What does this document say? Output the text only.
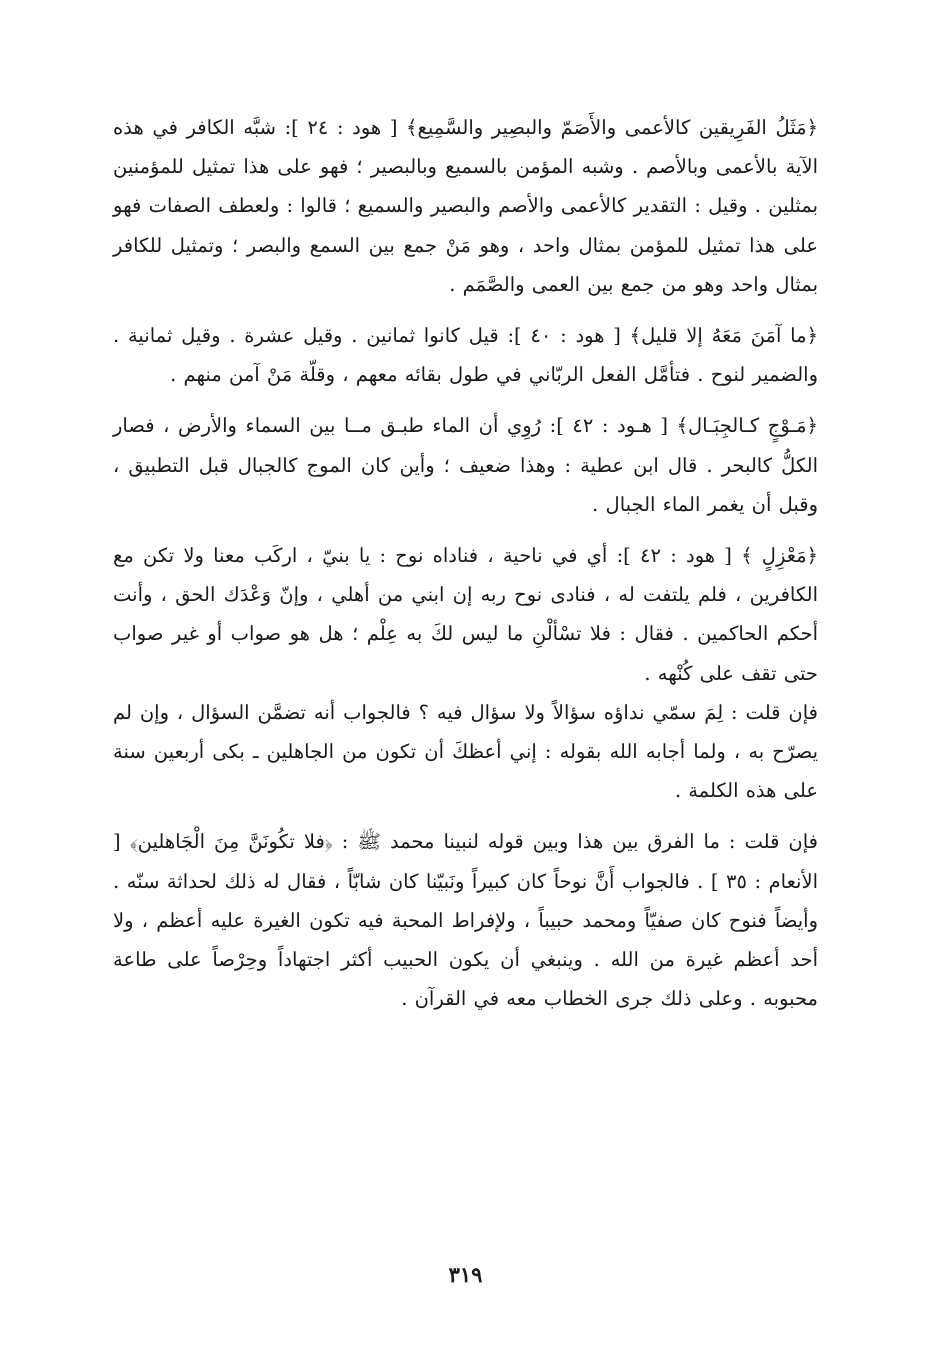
﴿مَثَلُ الفَرِيقين كالأعمى والأَصَمّ والبصِير والسَّمِيع﴾ [ هود : ٢٤ ]: شبَّه الكافر في هذه الآية بالأعمى وبالأصم . وشبه المؤمن بالسميع وبالبصير ؛ فهو على هذا تمثيل للمؤمنين بمثلين . وقيل : التقدير كالأعمى والأصم والبصير والسميع ؛ قالوا : ولعطف الصفات فهو على هذا تمثيل للمؤمن بمثال واحد ، وهو مَنْ جمع بين السمع والبصر ؛ وتمثيل للكافر بمثال واحد وهو من جمع بين العمى والصَّمَم .

﴿ما آمَنَ مَعَهُ إلا قليل﴾ [ هود : ٤٠ ]: قيل كانوا ثمانين . وقيل عشرة . وقيل ثمانية . والضمير لنوح . فتأمَّل الفعل الربّاني في طول بقائه معهم ، وقلّة مَنْ آمن منهم .

﴿مَـوْجٍ كـالجِبَـال﴾ [ هـود : ٤٢ ]: رُوِي أن الماء طبـق مــا بين السماء والأرض ، فصار الكلُّ كالبحر . قال ابن عطية : وهذا ضعيف ؛ وأين كان الموج كالجبال قبل التطبيق ، وقبل أن يغمر الماء الجبال .

﴿مَعْزِلٍ ﴾ [ هود : ٤٢ ]: أي في ناحية ، فناداه نوح : يا بنيّ ، اركَب معنا ولا تكن مع الكافرين ، فلم يلتفت له ، فنادى نوح ربه إن ابني من أهلي ، وإنّ وَعْدَك الحق ، وأنت أحكم الحاكمين . فقال : فلا تسْألْنِ ما ليس لكَ به عِلْم ؛ هل هو صواب أو غير صواب حتى تقف على كُنْهه .

فإن قلت : لِمَ سمّي نداؤه سؤالاً ولا سؤال فيه ؟ فالجواب أنه تضمَّن السؤال ، وإن لم يصرّح به ، ولما أجابه الله بقوله : إني أعظكَ أن تكون من الجاهلين ـ بكى أربعين سنة على هذه الكلمة .

فإن قلت : ما الفرق بين هذا وبين قوله لنبينا محمد ﷺ : ﴿فلا تكُونَنَّ مِنَ الْجَاهلين﴾ [ الأنعام : ٣٥ ] . فالجواب أَنَّ نوحاً كان كبيراً ونَبيّنا كان شابّاً ، فقال له ذلك لحداثة سنّه . وأيضاً فنوح كان صفيّاً ومحمد حبيباً ، ولإفراط المحبة فيه تكون الغيرة عليه أعظم ، ولا أحد أعظم غيرة من الله . وينبغي أن يكون الحبيب أكثر اجتهاداً وحِرْصاً على طاعة محبوبه . وعلى ذلك جرى الخطاب معه في القرآن .

٣١٩
